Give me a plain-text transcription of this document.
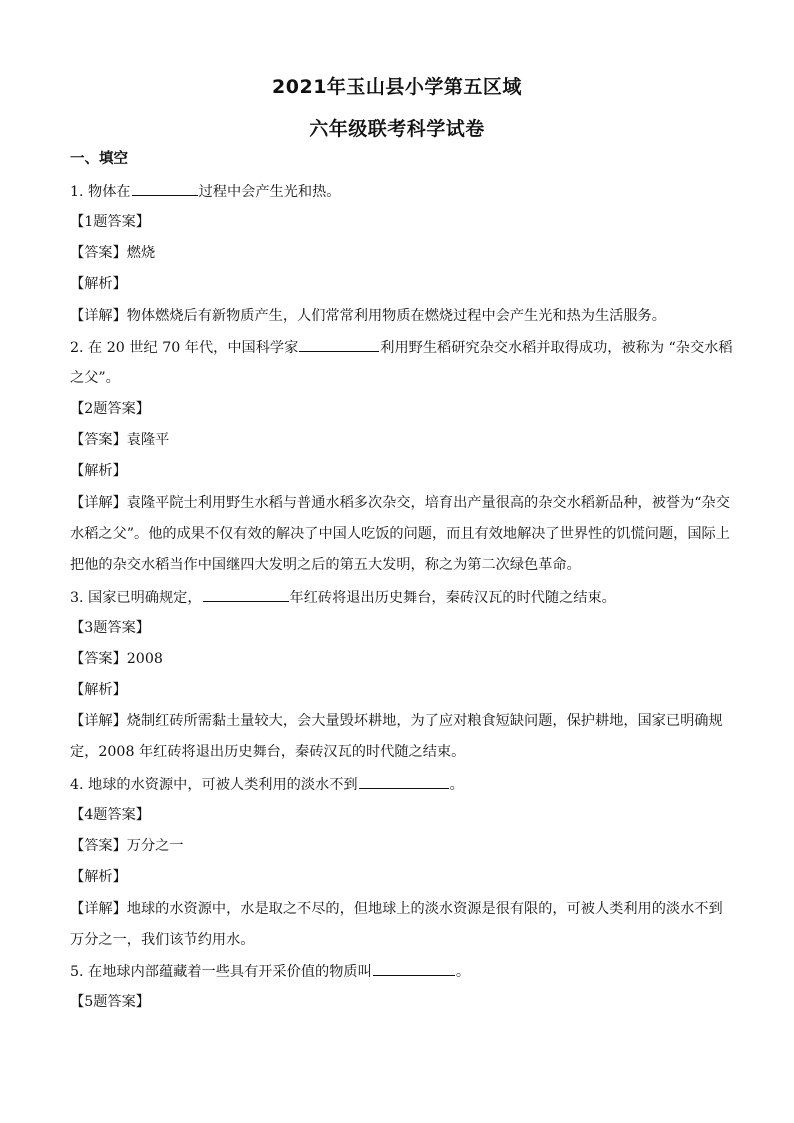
2021年玉山县小学第五区域
六年级联考科学试卷
一、填空
1. 物体在	过程中会产生光和热。
【1题答案】
【答案】燃烧
【解析】
【详解】物体燃烧后有新物质产生，人们常常利用物质在燃烧过程中会产生光和热为生活服务。
2. 在 20 世纪 70 年代，中国科学家	利用野生稻研究杂交水稻并取得成功，被称为 “杂交水稻
之父”。
【2题答案】
【答案】袁隆平
【解析】
【详解】袁隆平院士利用野生水稻与普通水稻多次杂交，培育出产量很高的杂交水稻新品种，被誉为“杂交
水稻之父”。他的成果不仅有效的解决了中国人吃饭的问题，而且有效地解决了世界性的饥慌问题，国际上
把他的杂交水稻当作中国继四大发明之后的第五大发明，称之为第二次绿色革命。
3. 国家已明确规定，	年红砖将退出历史舞台，秦砖汉瓦的时代随之结束。
【3题答案】
【答案】2008
【解析】
【详解】烧制红砖所需黏土量较大，会大量毁坏耕地，为了应对粮食短缺问题，保护耕地，国家已明确规
定，2008 年红砖将退出历史舞台，秦砖汉瓦的时代随之结束。
4. 地球的水资源中，可被人类利用的淡水不到	。
【4题答案】
【答案】万分之一
【解析】
【详解】地球的水资源中，水是取之不尽的，但地球上的淡水资源是很有限的，可被人类利用的淡水不到
万分之一，我们该节约用水。
5. 在地球内部蕴藏着一些具有开采价值的物质叫	。
【5题答案】
